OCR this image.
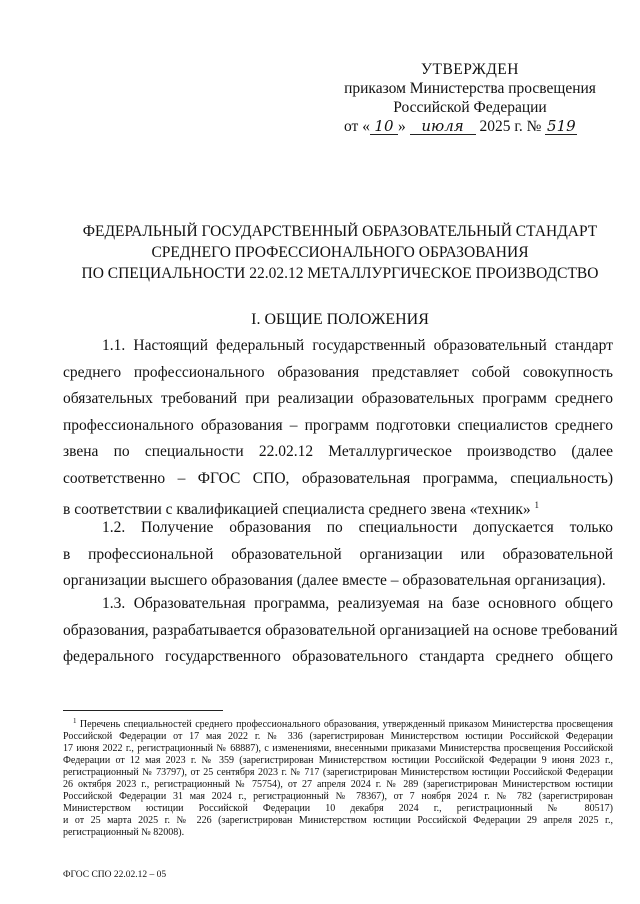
УТВЕРЖДЕН
приказом Министерства просвещения
Российской Федерации
от « 10 » июля 2025 г. № 519
ФЕДЕРАЛЬНЫЙ ГОСУДАРСТВЕННЫЙ ОБРАЗОВАТЕЛЬНЫЙ СТАНДАРТ
СРЕДНЕГО ПРОФЕССИОНАЛЬНОГО ОБРАЗОВАНИЯ
ПО СПЕЦИАЛЬНОСТИ 22.02.12 МЕТАЛЛУРГИЧЕСКОЕ ПРОИЗВОДСТВО
I. ОБЩИЕ ПОЛОЖЕНИЯ
1.1. Настоящий федеральный государственный образовательный стандарт
среднего профессионального образования представляет собой совокупность
обязательных требований при реализации образовательных программ среднего
профессионального образования – программ подготовки специалистов среднего
звена по специальности 22.02.12 Металлургическое производство (далее
соответственно – ФГОС СПО, образовательная программа, специальность)
в соответствии с квалификацией специалиста среднего звена «техник» $^1$
1.2. Получение образования по специальности допускается только
в профессиональной образовательной организации или образовательной
организации высшего образования (далее вместе – образовательная организация).
1.3. Образовательная программа, реализуемая на базе основного общего
образования, разрабатывается образовательной организацией на основе требований
федерального государственного образовательного стандарта среднего общего
$^1$ Перечень специальностей среднего профессионального образования, утвержденный приказом Министерства просвещения
Российской Федерации от 17 мая 2022 г. № 336 (зарегистрирован Министерством юстиции Российской Федерации
17 июня 2022 г., регистрационный № 68887), с изменениями, внесенными приказами Министерства просвещения Российской
Федерации от 12 мая 2023 г. № 359 (зарегистрирован Министерством юстиции Российской Федерации 9 июня 2023 г.,
регистрационный № 73797), от 25 сентября 2023 г. № 717 (зарегистрирован Министерством юстиции Российской Федерации
26 октября 2023 г., регистрационный № 75754), от 27 апреля 2024 г. № 289 (зарегистрирован Министерством юстиции
Российской Федерации 31 мая 2024 г., регистрационный № 78367), от 7 ноября 2024 г. № 782 (зарегистрирован
Министерством юстиции Российской Федерации 10 декабря 2024 г., регистрационный № 80517)
и от 25 марта 2025 г. № 226 (зарегистрирован Министерством юстиции Российской Федерации 29 апреля 2025 г.,
регистрационный № 82008).
ФГОС СПО 22.02.12 – 05
